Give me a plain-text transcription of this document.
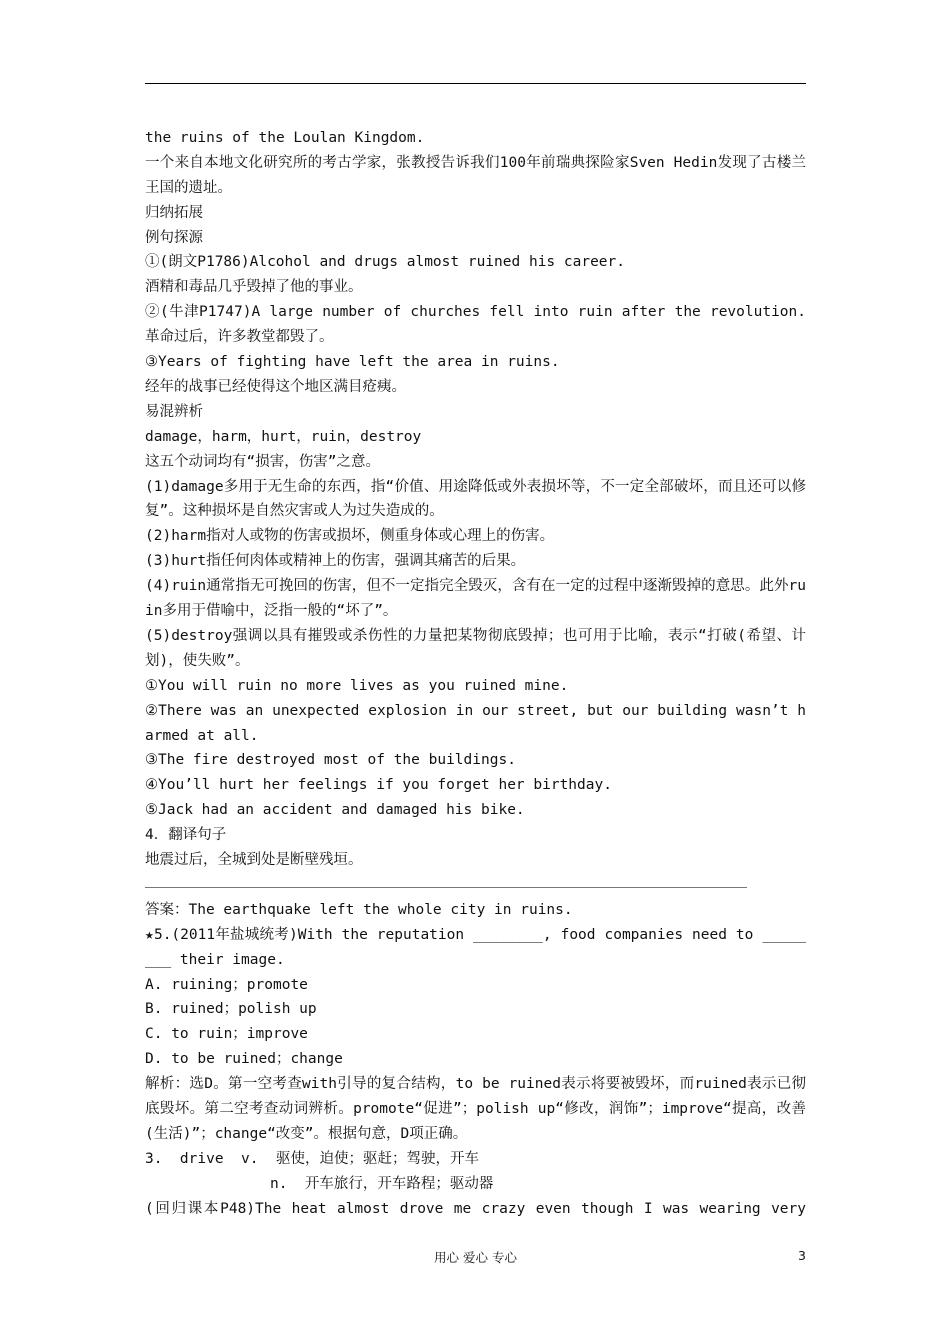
the ruins of the Loulan Kingdom.
一个来自本地文化研究所的考古学家，张教授告诉我们100年前瑞典探险家Sven Hedin发现了古楼兰王国的遗址。
归纳拓展
例句探源
①(朗文P1786)Alcohol and drugs almost ruined his career.
酒精和毒品几乎毁掉了他的事业。
②(牛津P1747)A large number of churches fell into ruin after the revolution.革命过后，许多教堂都毁了。
③Years of fighting have left the area in ruins.
经年的战事已经使得这个地区满目疮痍。
易混辨析
damage，harm，hurt，ruin，destroy
这五个动词均有“损害，伤害”之意。
(1)damage多用于无生命的东西，指“价值、用途降低或外表损坏等，不一定全部破坏，而且还可以修复”。这种损坏是自然灾害或人为过失造成的。
(2)harm指对人或物的伤害或损坏，侧重身体或心理上的伤害。
(3)hurt指任何肉体或精神上的伤害，强调其痛苦的后果。
(4)ruin通常指无可挽回的伤害，但不一定指完全毁灭，含有在一定的过程中逐渐毁掉的意思。此外ruin多用于借喻中，泛指一般的“坏了”。
(5)destroy强调以具有摧毁或杀伤性的力量把某物彻底毁掉；也可用于比喻，表示“打破(希望、计划)，使失败”。
①You will ruin no more lives as you ruined mine.
②There was an unexpected explosion in our street, but our building wasn’t harmed at all.
③The fire destroyed most of the buildings.
④You’ll hurt her feelings if you forget her birthday.
⑤Jack had an accident and damaged his bike.
4．翻译句子
地震过后，全城到处是断壁残垣。
答案：The earthquake left the whole city in ruins.
★5.(2011年盐城统考)With the reputation ________, food companies need to ________ their image.
A. ruining；promote
B. ruined；polish up
C. to ruin；improve
D. to be ruined；change
解析：选D。第一空考查with引导的复合结构，to be ruined表示将要被毁坏，而ruined表示已彻底毁坏。第二空考查动词辨析。promote“促进”；polish up“修改，润饰”；improve“提高，改善(生活)”；change“改变”。根据句意，D项正确。
3.  drive  v.  驱使，迫使；驱赶；驾驶，开车
n.  开车旅行，开车路程；驱动器
(回归课本P48)The heat almost drove me crazy even though I was wearing very
用心 爱心 专心	3
